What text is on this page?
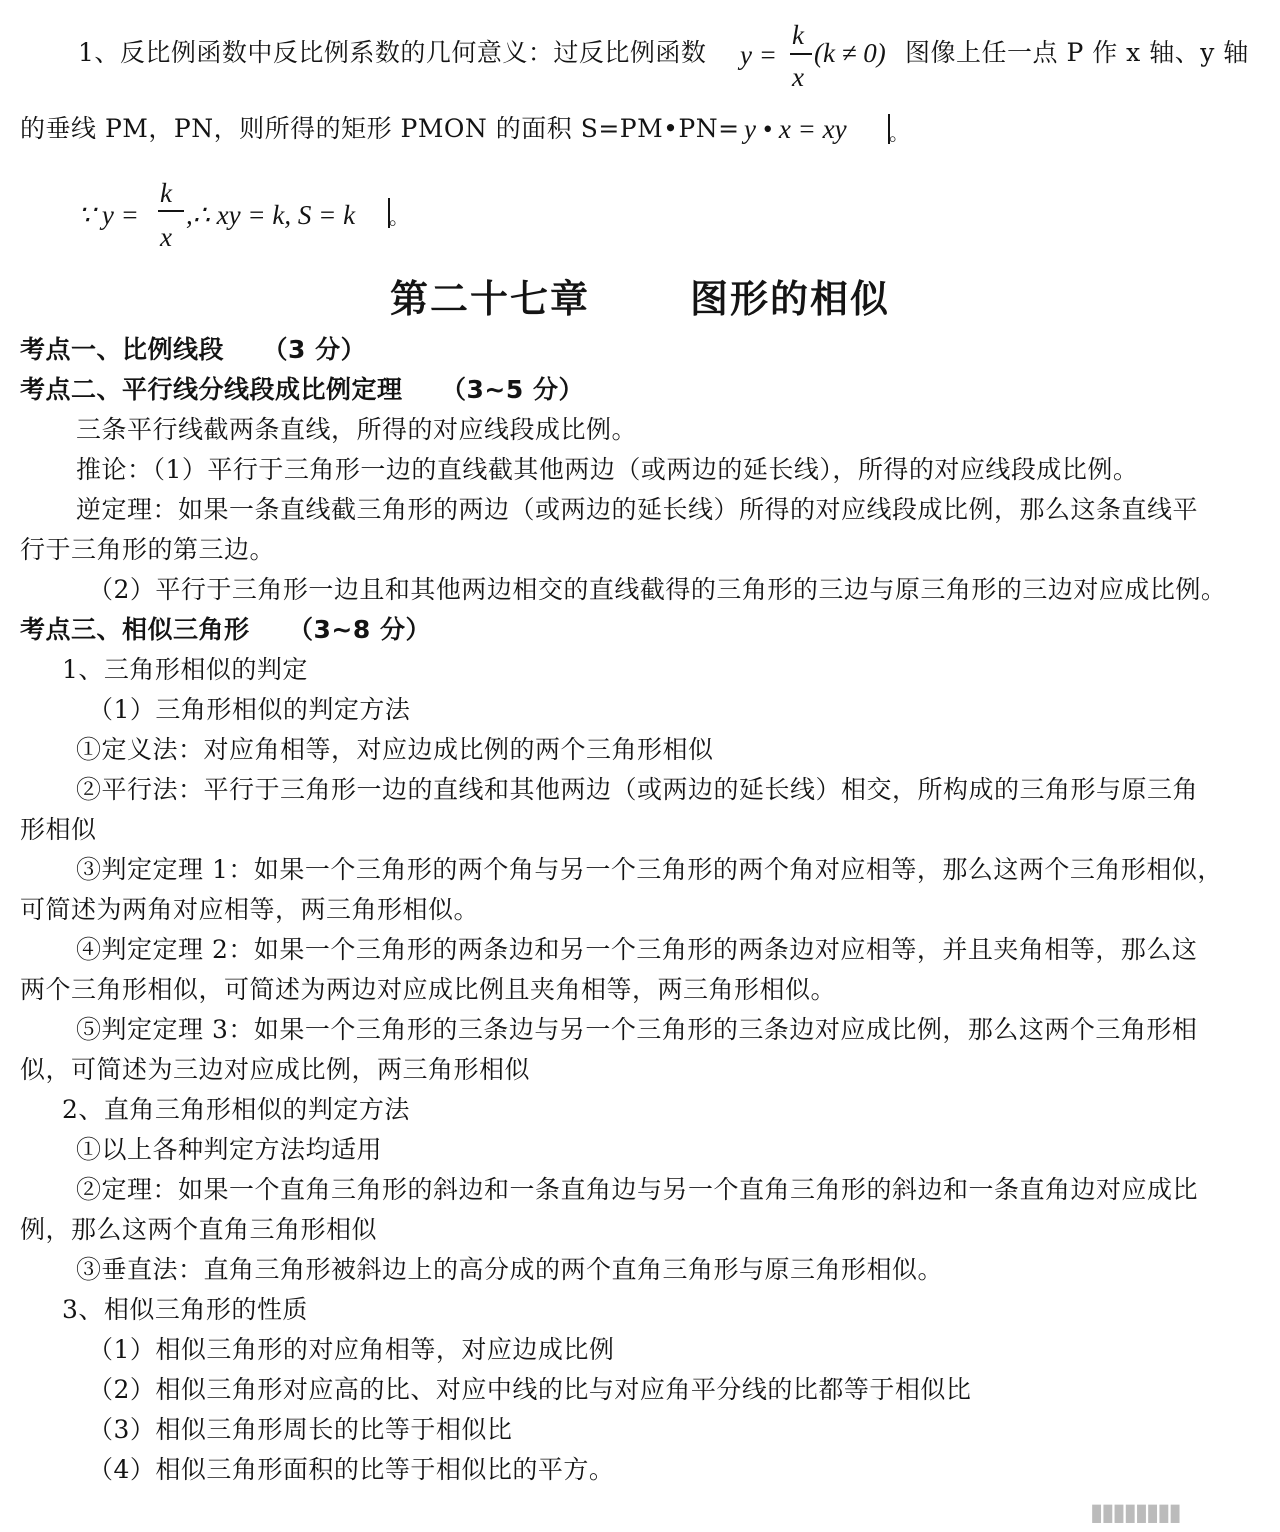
1、反比例函数中反比例系数的几何意义：过反比例函数 y =
k
x
(k ≠ 0) 图像上任一点 P 作 x 轴、y 轴
的垂线 PM，PN，则所得的矩形 PMON 的面积 S=PM•PN= y • x = xy 。
∵ y =
k
x
,∴ xy = k, S = k 。
第二十七章	图形的相似
考点一、比例线段　　（3 分）
考点二、平行线分线段成比例定理　　（3~5 分）
三条平行线截两条直线，所得的对应线段成比例。
推论：（1）平行于三角形一边的直线截其他两边（或两边的延长线），所得的对应线段成比例。
逆定理：如果一条直线截三角形的两边（或两边的延长线）所得的对应线段成比例，那么这条直线平
行于三角形的第三边。
（2）平行于三角形一边且和其他两边相交的直线截得的三角形的三边与原三角形的三边对应成比例。
考点三、相似三角形　　（3~8 分）
1、三角形相似的判定
（1）三角形相似的判定方法
①定义法：对应角相等，对应边成比例的两个三角形相似
②平行法：平行于三角形一边的直线和其他两边（或两边的延长线）相交，所构成的三角形与原三角
形相似
③判定定理 1：如果一个三角形的两个角与另一个三角形的两个角对应相等，那么这两个三角形相似，
可简述为两角对应相等，两三角形相似。
④判定定理 2：如果一个三角形的两条边和另一个三角形的两条边对应相等，并且夹角相等，那么这
两个三角形相似，可简述为两边对应成比例且夹角相等，两三角形相似。
⑤判定定理 3：如果一个三角形的三条边与另一个三角形的三条边对应成比例，那么这两个三角形相
似，可简述为三边对应成比例，两三角形相似
2、直角三角形相似的判定方法
①以上各种判定方法均适用
②定理：如果一个直角三角形的斜边和一条直角边与另一个直角三角形的斜边和一条直角边对应成比
例，那么这两个直角三角形相似
③垂直法：直角三角形被斜边上的高分成的两个直角三角形与原三角形相似。
3、相似三角形的性质
（1）相似三角形的对应角相等，对应边成比例
（2）相似三角形对应高的比、对应中线的比与对应角平分线的比都等于相似比
（3）相似三角形周长的比等于相似比
（4）相似三角形面积的比等于相似比的平方。
▮▮▮▮▮▮▮▮
